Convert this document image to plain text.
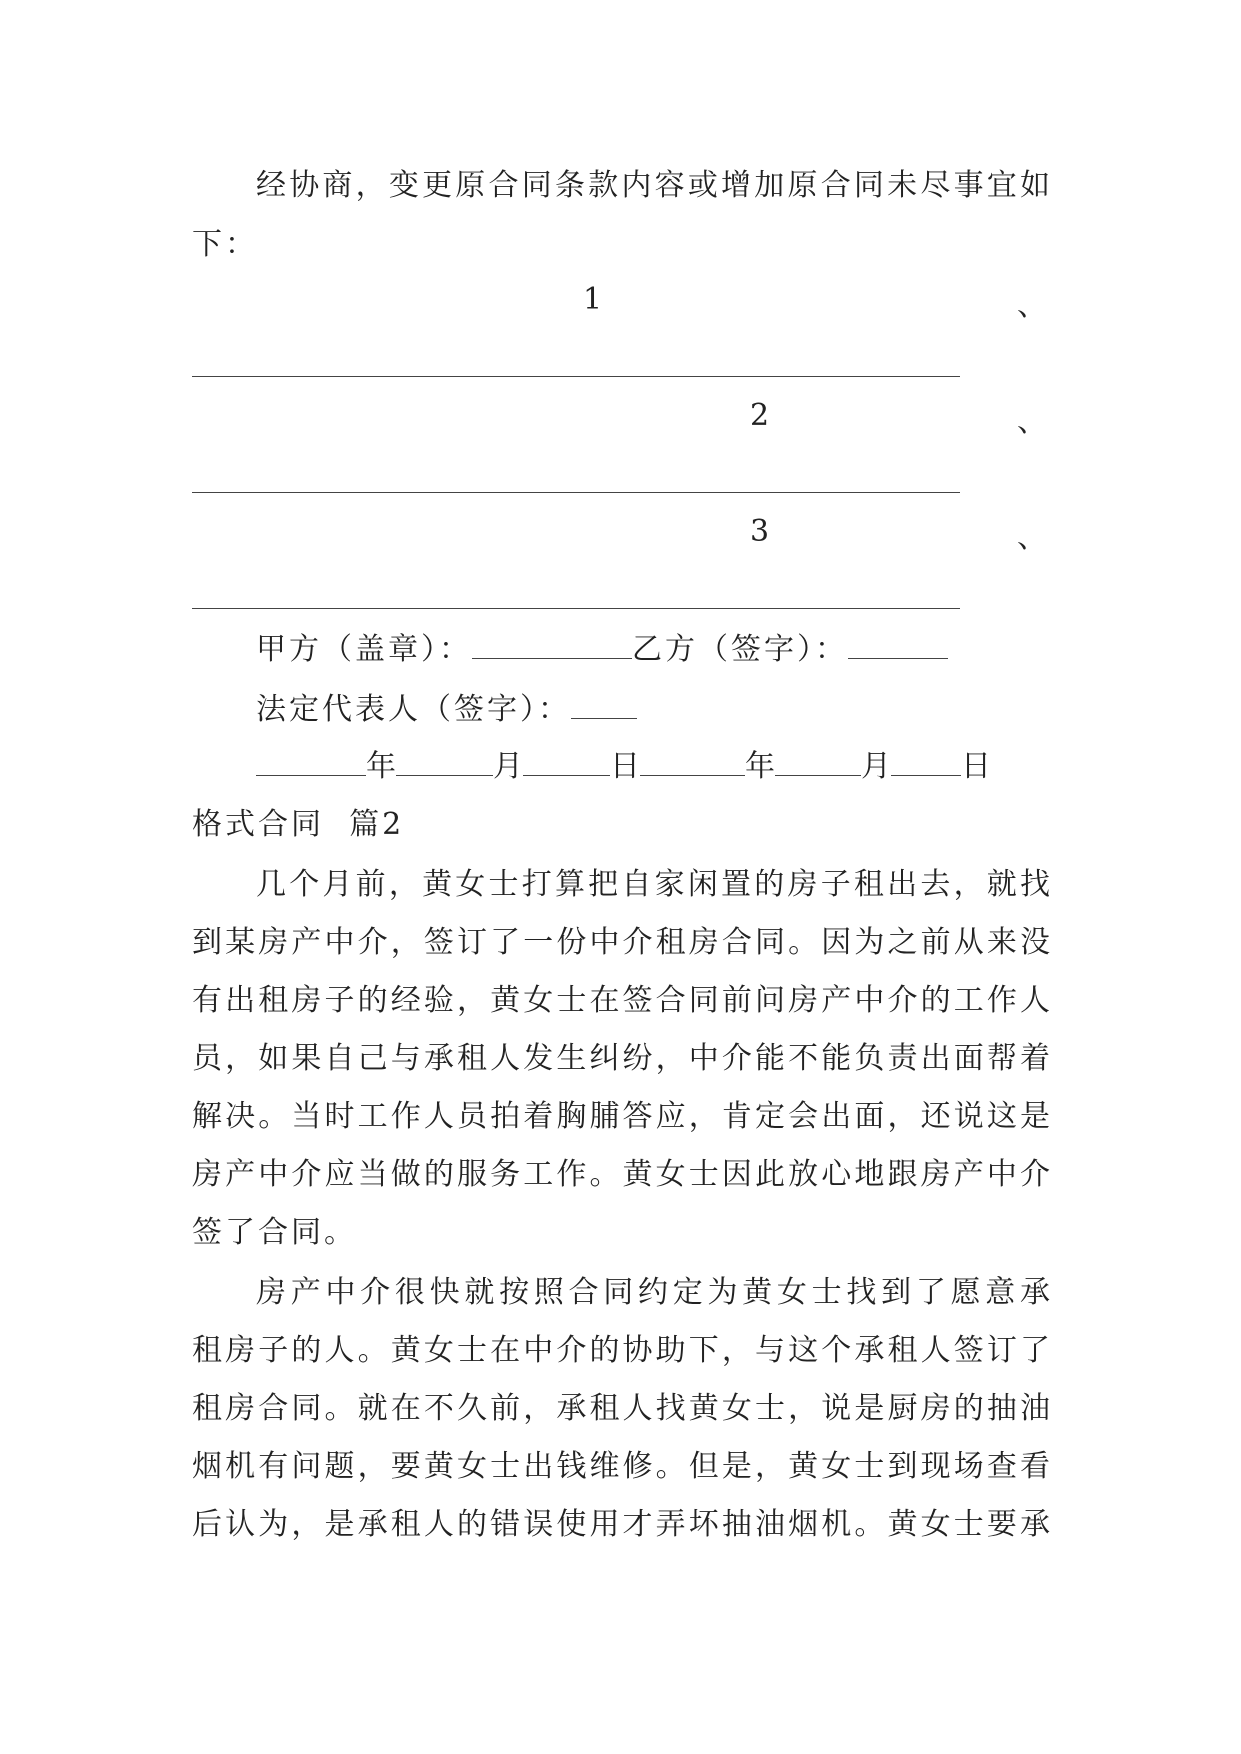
经协商，变更原合同条款内容或增加原合同未尽事宜如
下：
1	、
2	、
3	、
甲方（盖章）：	乙方（签字）：
法定代表人（签字）：
年	月	日	年	月 日
格式合同  篇2
几个月前，黄女士打算把自家闲置的房子租出去，就找
到某房产中介，签订了一份中介租房合同。因为之前从来没
有出租房子的经验，黄女士在签合同前问房产中介的工作人
员，如果自己与承租人发生纠纷，中介能不能负责出面帮着
解决。当时工作人员拍着胸脯答应，肯定会出面，还说这是
房产中介应当做的服务工作。黄女士因此放心地跟房产中介
签了合同。
房产中介很快就按照合同约定为黄女士找到了愿意承
租房子的人。黄女士在中介的协助下，与这个承租人签订了
租房合同。就在不久前，承租人找黄女士，说是厨房的抽油
烟机有问题，要黄女士出钱维修。但是，黄女士到现场查看
后认为，是承租人的错误使用才弄坏抽油烟机。黄女士要承
